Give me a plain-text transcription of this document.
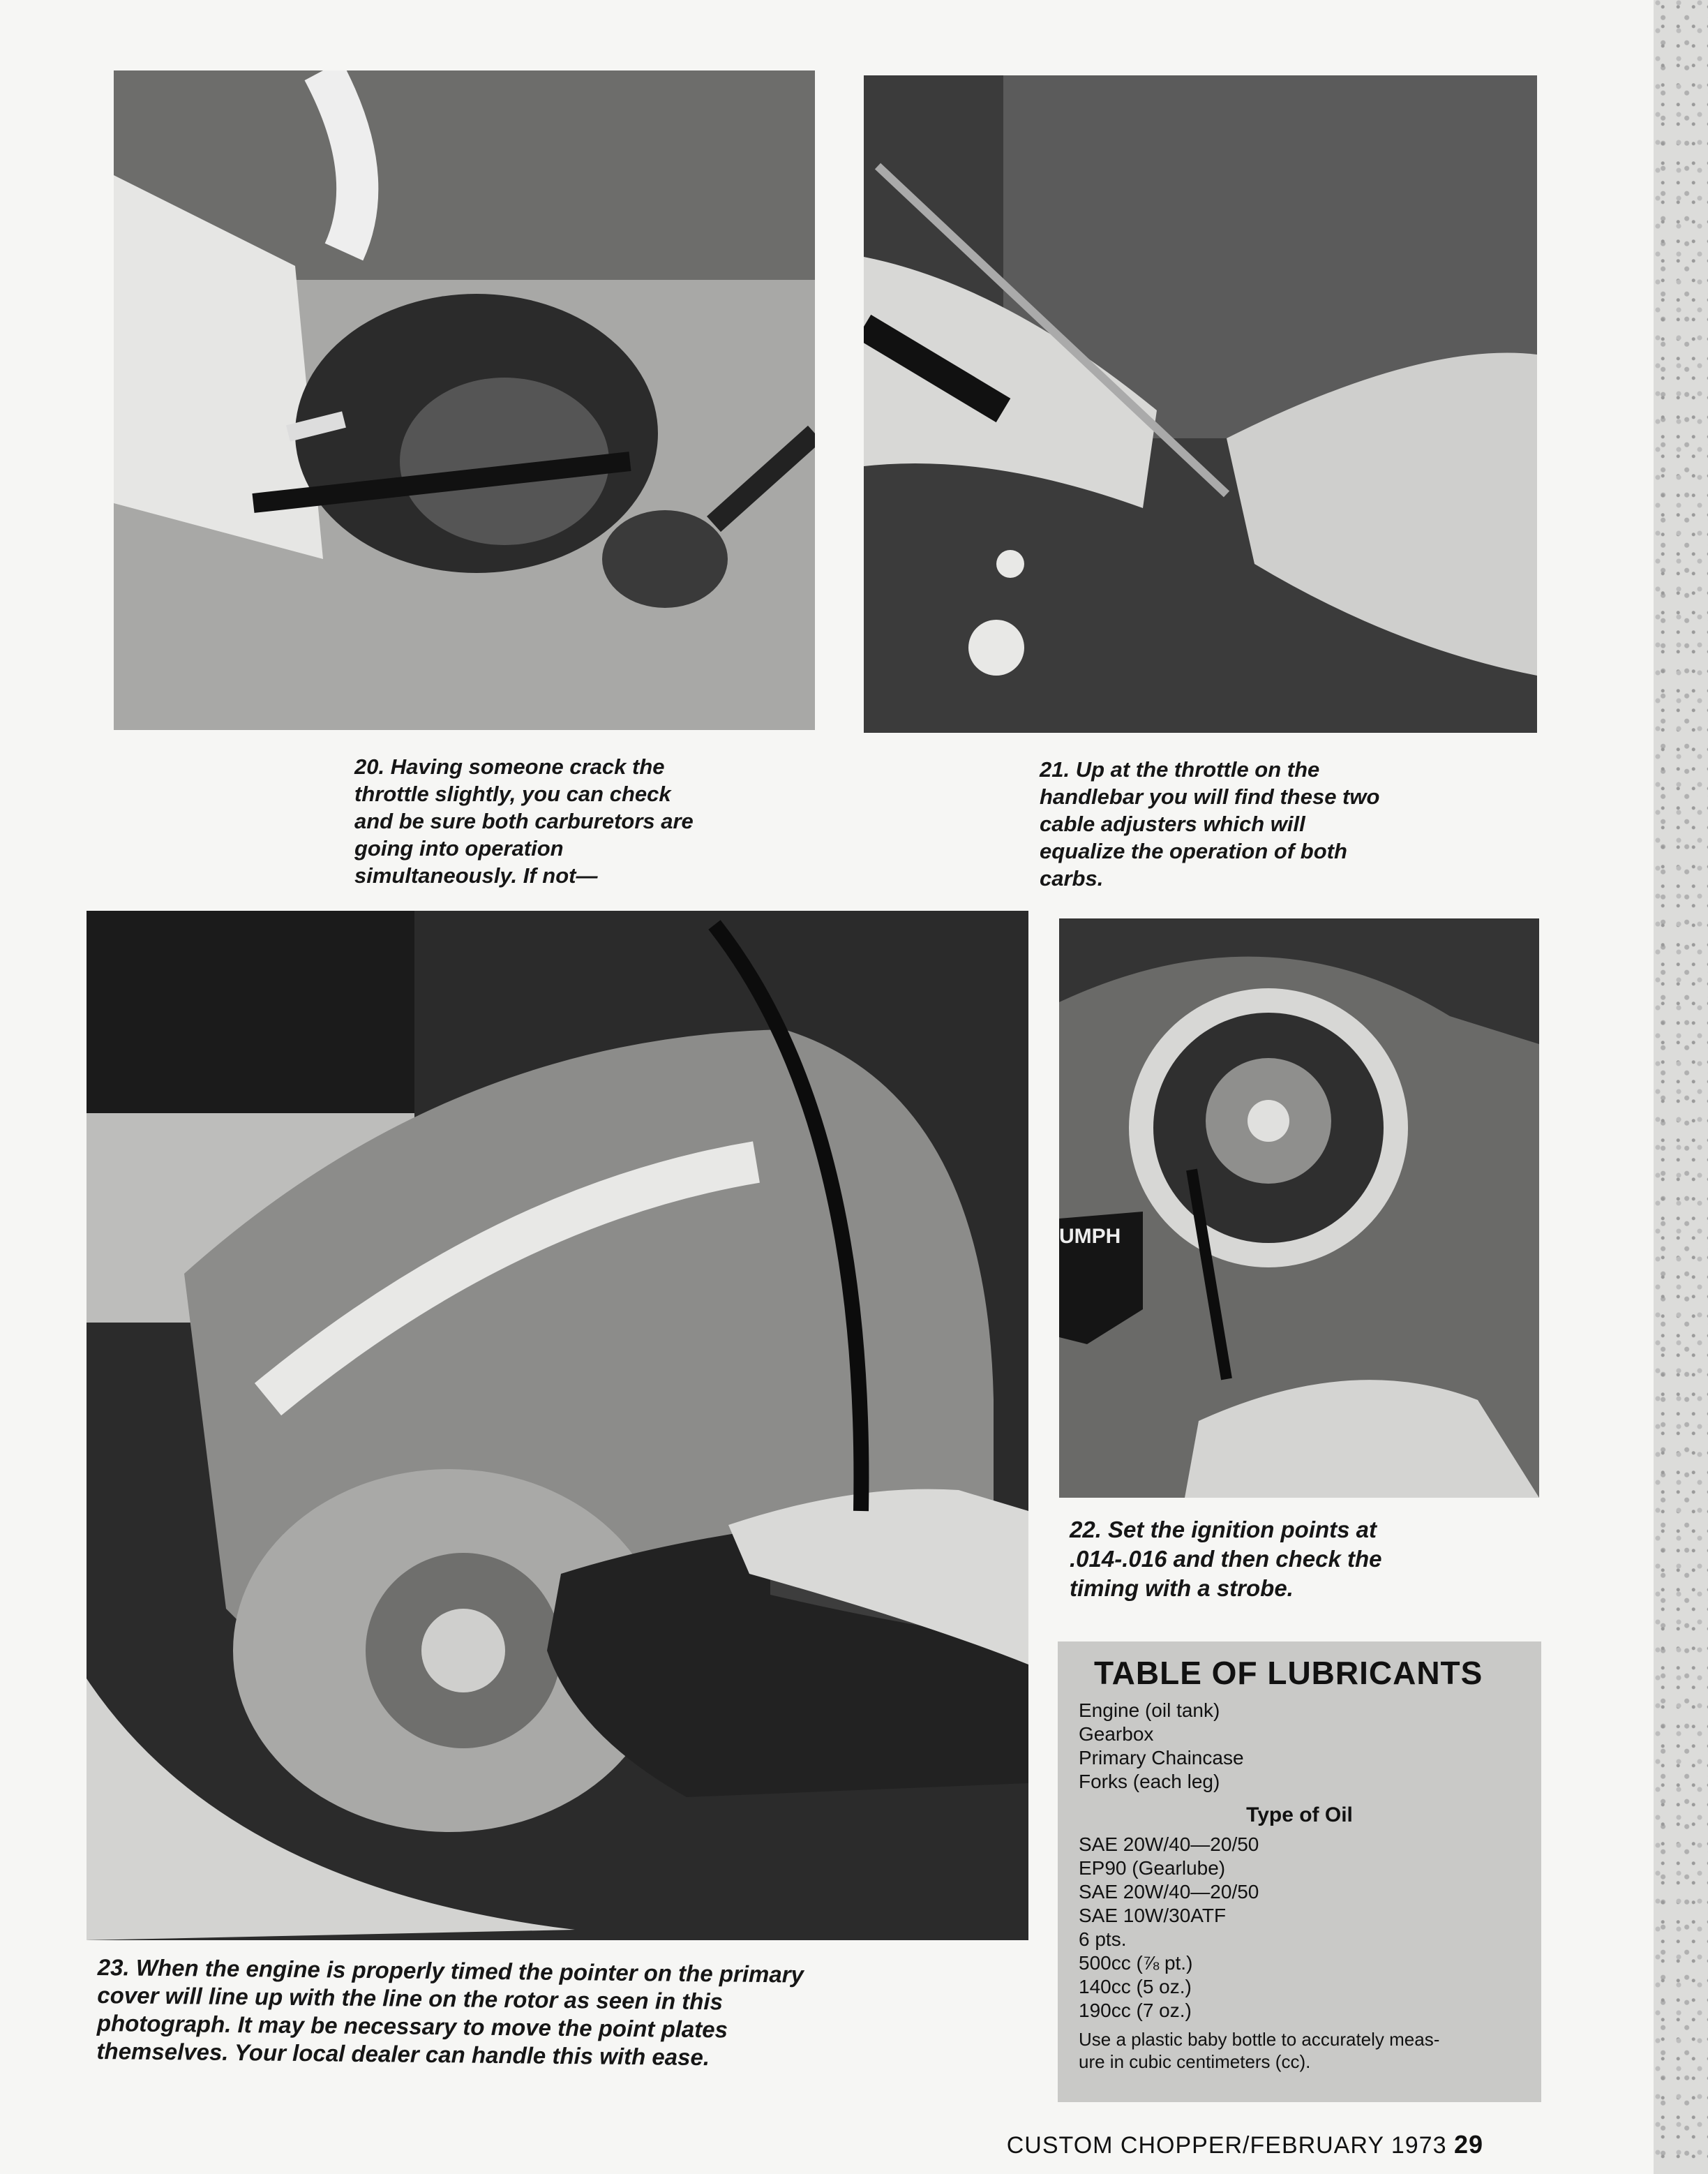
20. Having someone crack the
throttle slightly, you can check
and be sure both carburetors are
going into operation
simultaneously. If not—
21. Up at the throttle on the
handlebar you will find these two
cable adjusters which will
equalize the operation of both
carbs.
UMPH
22. Set the ignition points at
.014-.016 and then check the
timing with a strobe.
TABLE OF LUBRICANTS
Engine (oil tank)
Gearbox
Primary Chaincase
Forks (each leg)
Type of Oil
SAE 20W/40—20/50
EP90 (Gearlube)
SAE 20W/40—20/50
SAE 10W/30ATF
6 pts.
500cc (⅞ pt.)
140cc (5 oz.)
190cc (7 oz.)
Use a plastic baby bottle to accurately meas-
ure in cubic centimeters (cc).
23. When the engine is properly timed the pointer on the primary
cover will line up with the line on the rotor as seen in this
photograph. It may be necessary to move the point plates
themselves. Your local dealer can handle this with ease.
CUSTOM CHOPPER/FEBRUARY 1973 29
